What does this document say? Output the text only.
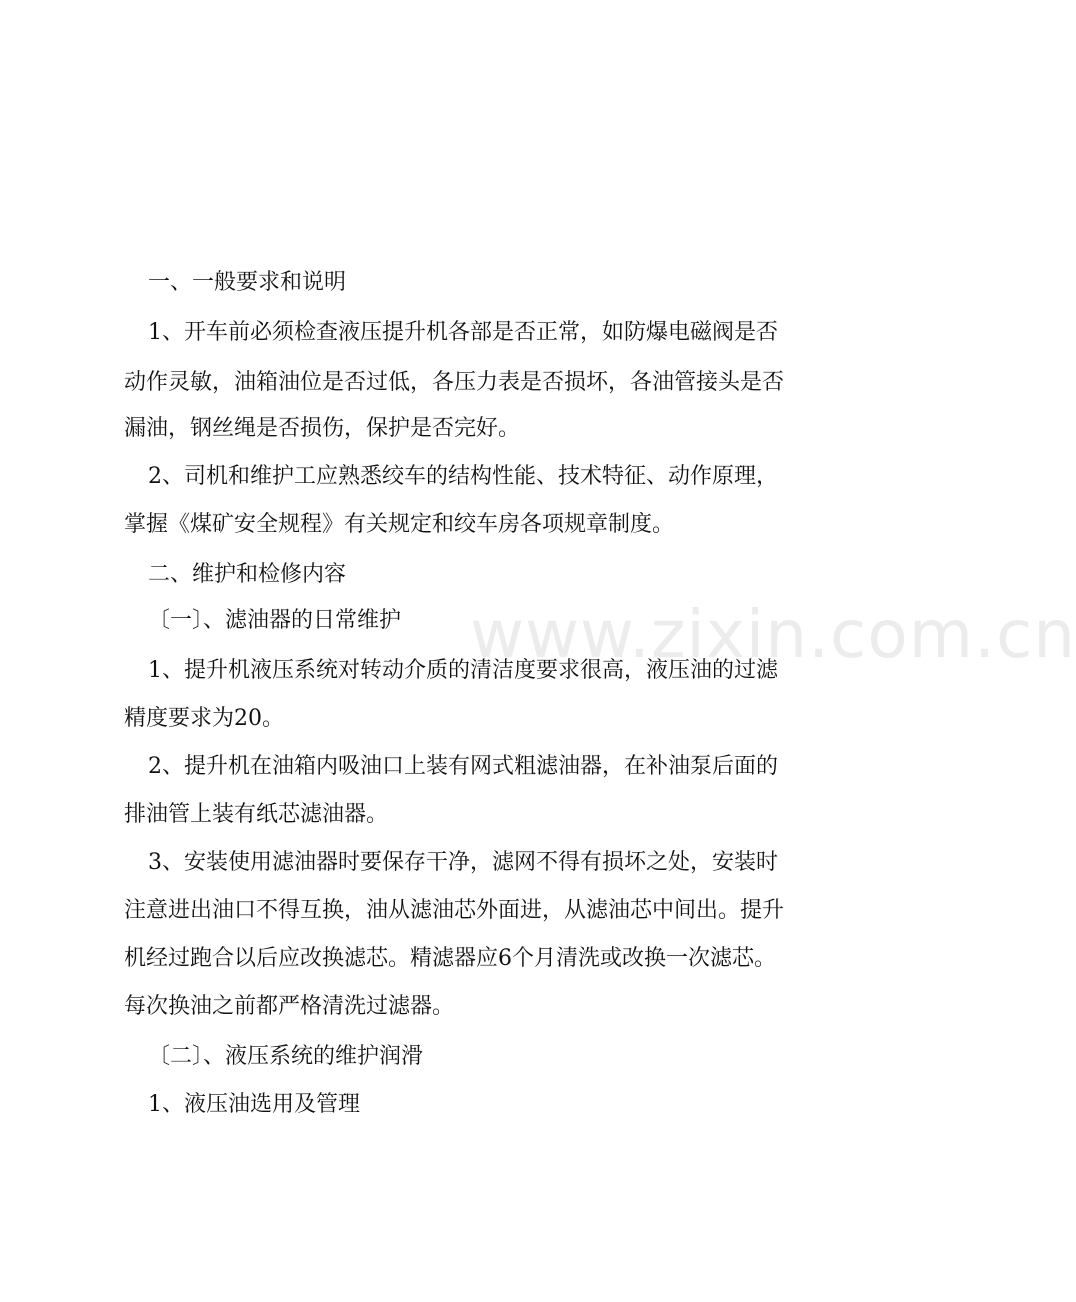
一、一般要求和说明
1、开车前必须检查液压提升机各部是否正常，如防爆电磁阀是否
动作灵敏，油箱油位是否过低，各压力表是否损坏，各油管接头是否
漏油，钢丝绳是否损伤，保护是否完好。
2、司机和维护工应熟悉绞车的结构性能、技术特征、动作原理，
掌握《煤矿安全规程》有关规定和绞车房各项规章制度。
二、维护和检修内容
〔一〕、滤油器的日常维护
1、提升机液压系统对转动介质的清洁度要求很高，液压油的过滤
精度要求为20。
2、提升机在油箱内吸油口上装有网式粗滤油器，在补油泵后面的
排油管上装有纸芯滤油器。
3、安装使用滤油器时要保存干净，滤网不得有损坏之处，安装时
注意进出油口不得互换，油从滤油芯外面进，从滤油芯中间出。提升
机经过跑合以后应改换滤芯。精滤器应6个月清洗或改换一次滤芯。
每次换油之前都严格清洗过滤器。
〔二〕、液压系统的维护润滑
1、液压油选用及管理
www.zixin.com.cn
